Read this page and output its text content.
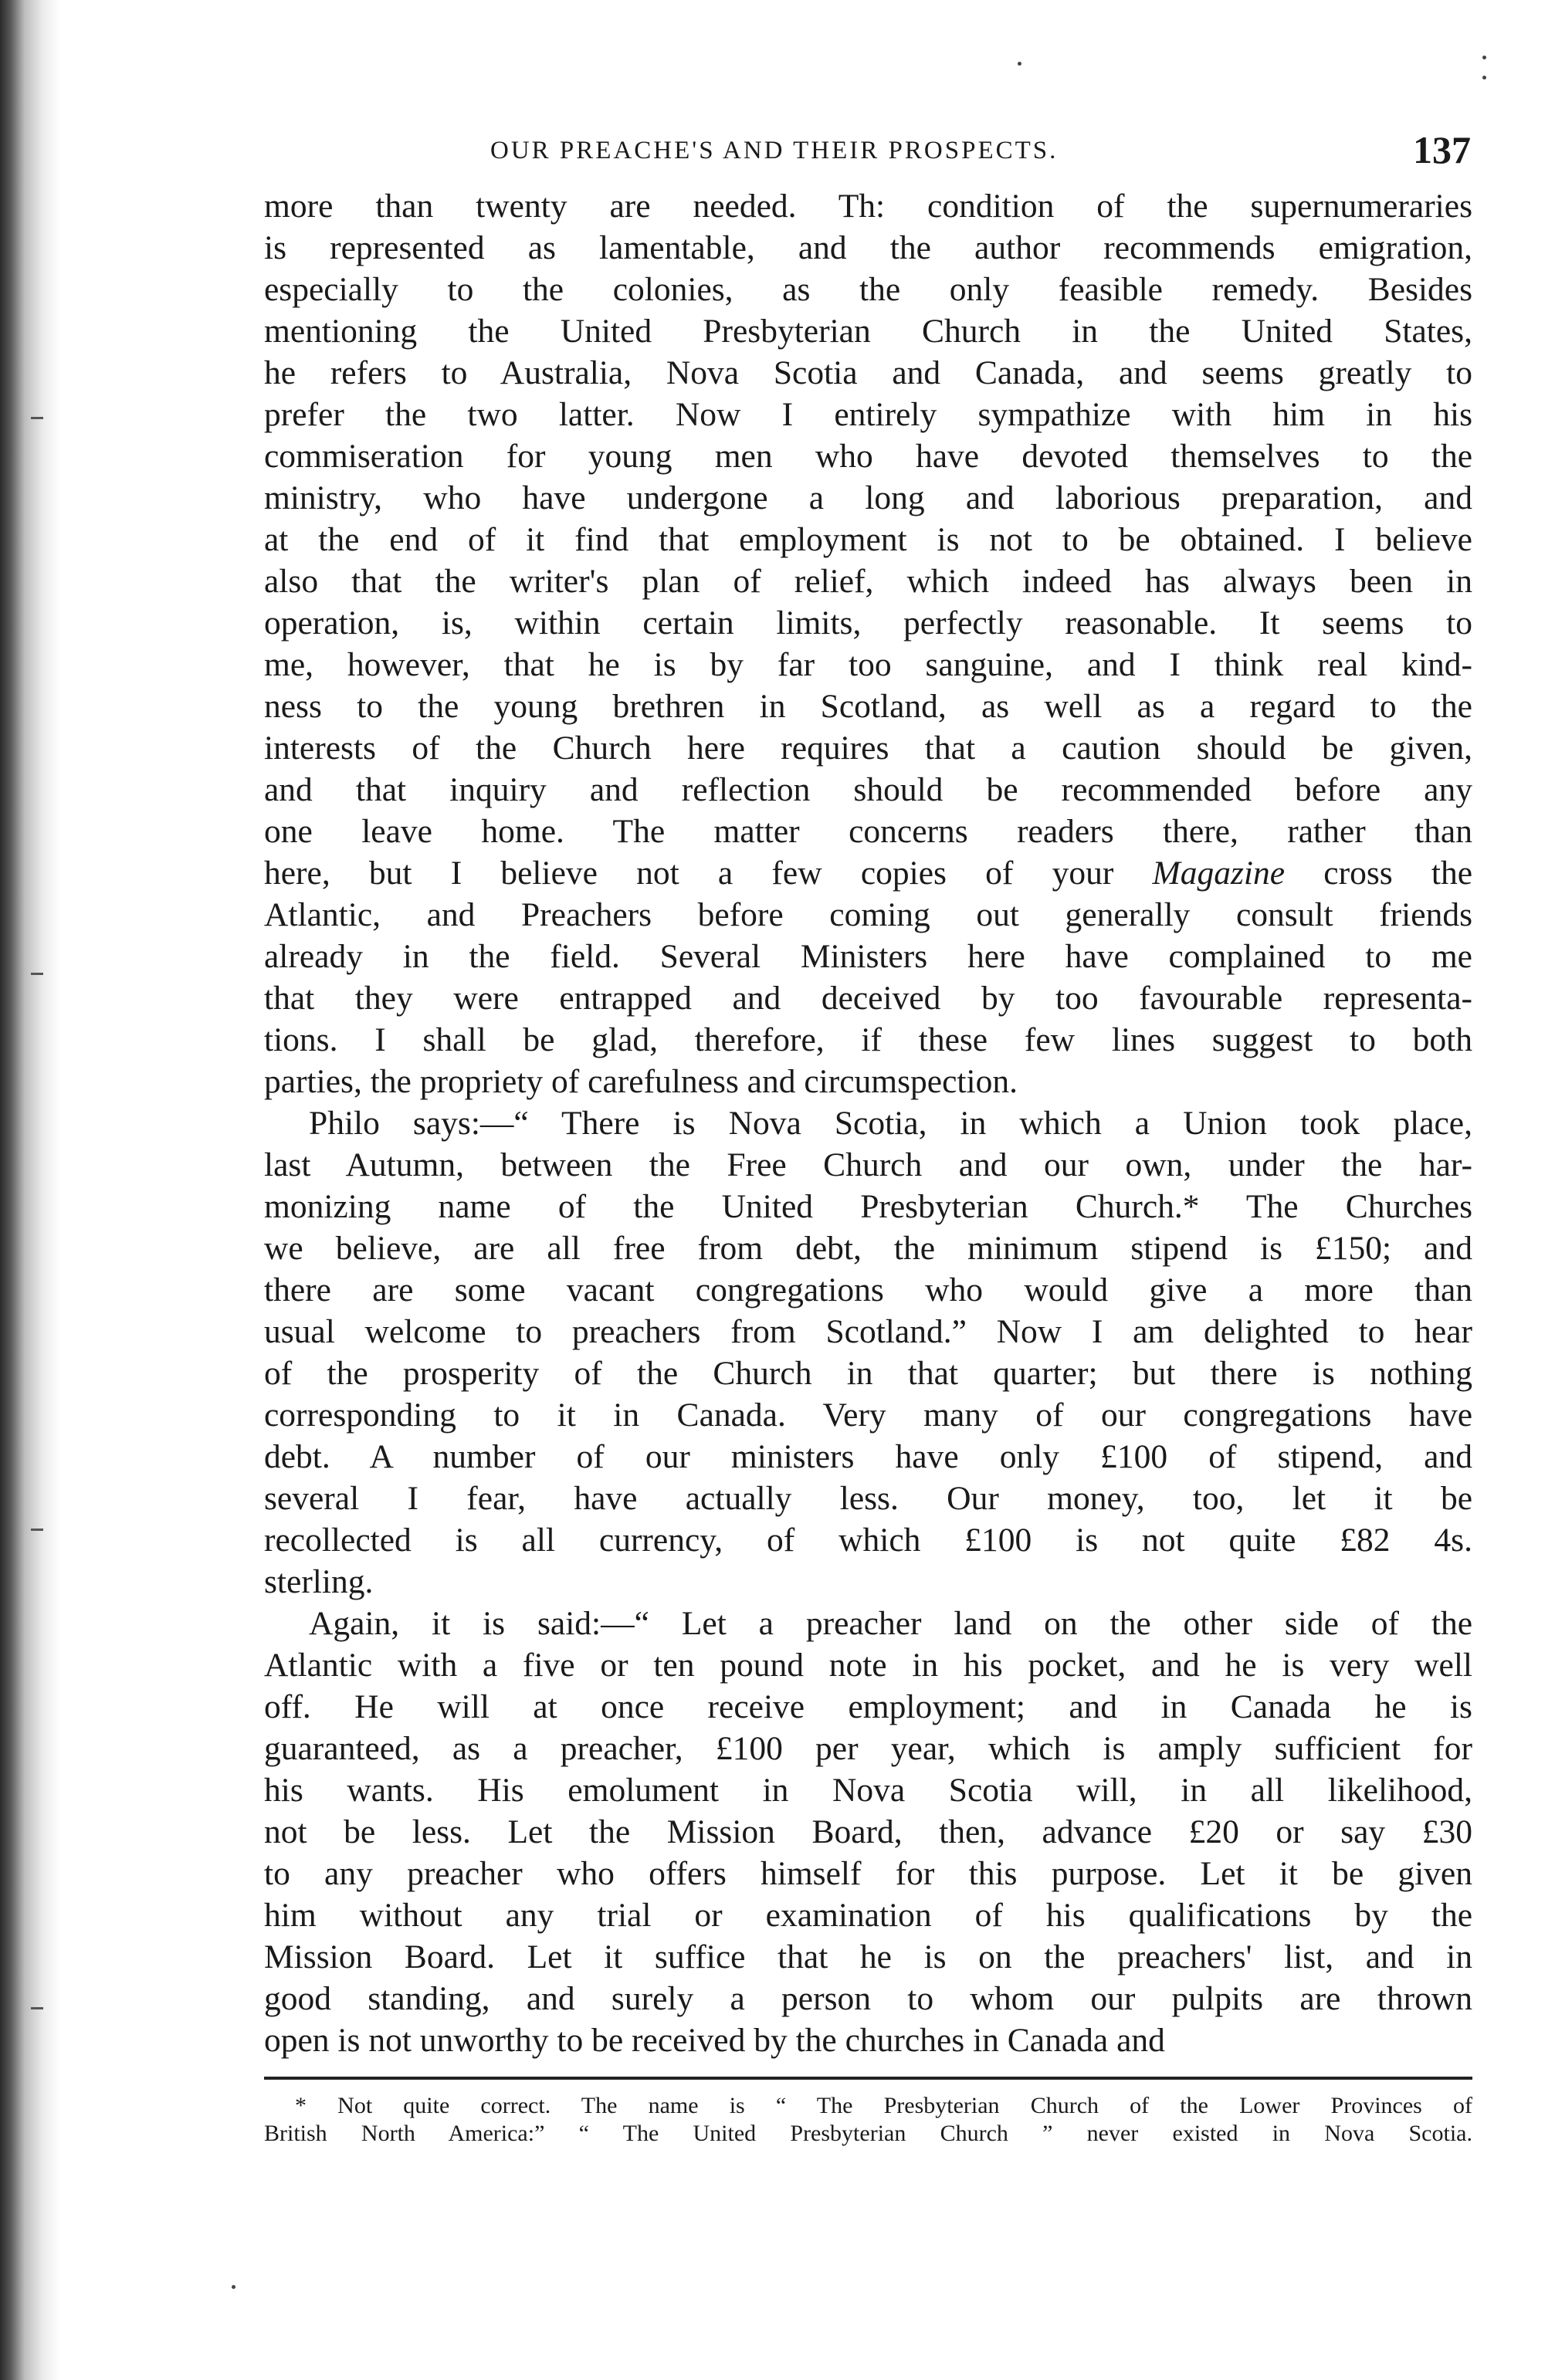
OUR PREACHE'S AND THEIR PROSPECTS.	137
more than twenty are needed. Th: condition of the supernumeraries
is represented as lamentable, and the author recommends emigration,
especially to the colonies, as the only feasible remedy. Besides
mentioning the United Presbyterian Church in the United States,
he refers to Australia, Nova Scotia and Canada, and seems greatly to
prefer the two latter. Now I entirely sympathize with him in his
commiseration for young men who have devoted themselves to the
ministry, who have undergone a long and laborious preparation, and
at the end of it find that employment is not to be obtained. I believe
also that the writer's plan of relief, which indeed has always been in
operation, is, within certain limits, perfectly reasonable. It seems to
me, however, that he is by far too sanguine, and I think real kind-
ness to the young brethren in Scotland, as well as a regard to the
interests of the Church here requires that a caution should be given,
and that inquiry and reflection should be recommended before any
one leave home. The matter concerns readers there, rather than
here, but I believe not a few copies of your Magazine cross the
Atlantic, and Preachers before coming out generally consult friends
already in the field. Several Ministers here have complained to me
that they were entrapped and deceived by too favourable representa-
tions. I shall be glad, therefore, if these few lines suggest to both
parties, the propriety of carefulness and circumspection.
Philo says:—“ There is Nova Scotia, in which a Union took place,
last Autumn, between the Free Church and our own, under the har-
monizing name of the United Presbyterian Church.* The Churches
we believe, are all free from debt, the minimum stipend is £150; and
there are some vacant congregations who would give a more than
usual welcome to preachers from Scotland.” Now I am delighted to hear
of the prosperity of the Church in that quarter; but there is nothing
corresponding to it in Canada. Very many of our congregations have
debt. A number of our ministers have only £100 of stipend, and
several I fear, have actually less. Our money, too, let it be
recollected is all currency, of which £100 is not quite £82 4s.
sterling.
Again, it is said:—“ Let a preacher land on the other side of the
Atlantic with a five or ten pound note in his pocket, and he is very well
off. He will at once receive employment; and in Canada he is
guaranteed, as a preacher, £100 per year, which is amply sufficient for
his wants. His emolument in Nova Scotia will, in all likelihood,
not be less. Let the Mission Board, then, advance £20 or say £30
to any preacher who offers himself for this purpose. Let it be given
him without any trial or examination of his qualifications by the
Mission Board. Let it suffice that he is on the preachers' list, and in
good standing, and surely a person to whom our pulpits are thrown
open is not unworthy to be received by the churches in Canada and
* Not quite correct. The name is “ The Presbyterian Church of the Lower Provinces of
British North America:” “ The United Presbyterian Church ” never existed in Nova Scotia.
